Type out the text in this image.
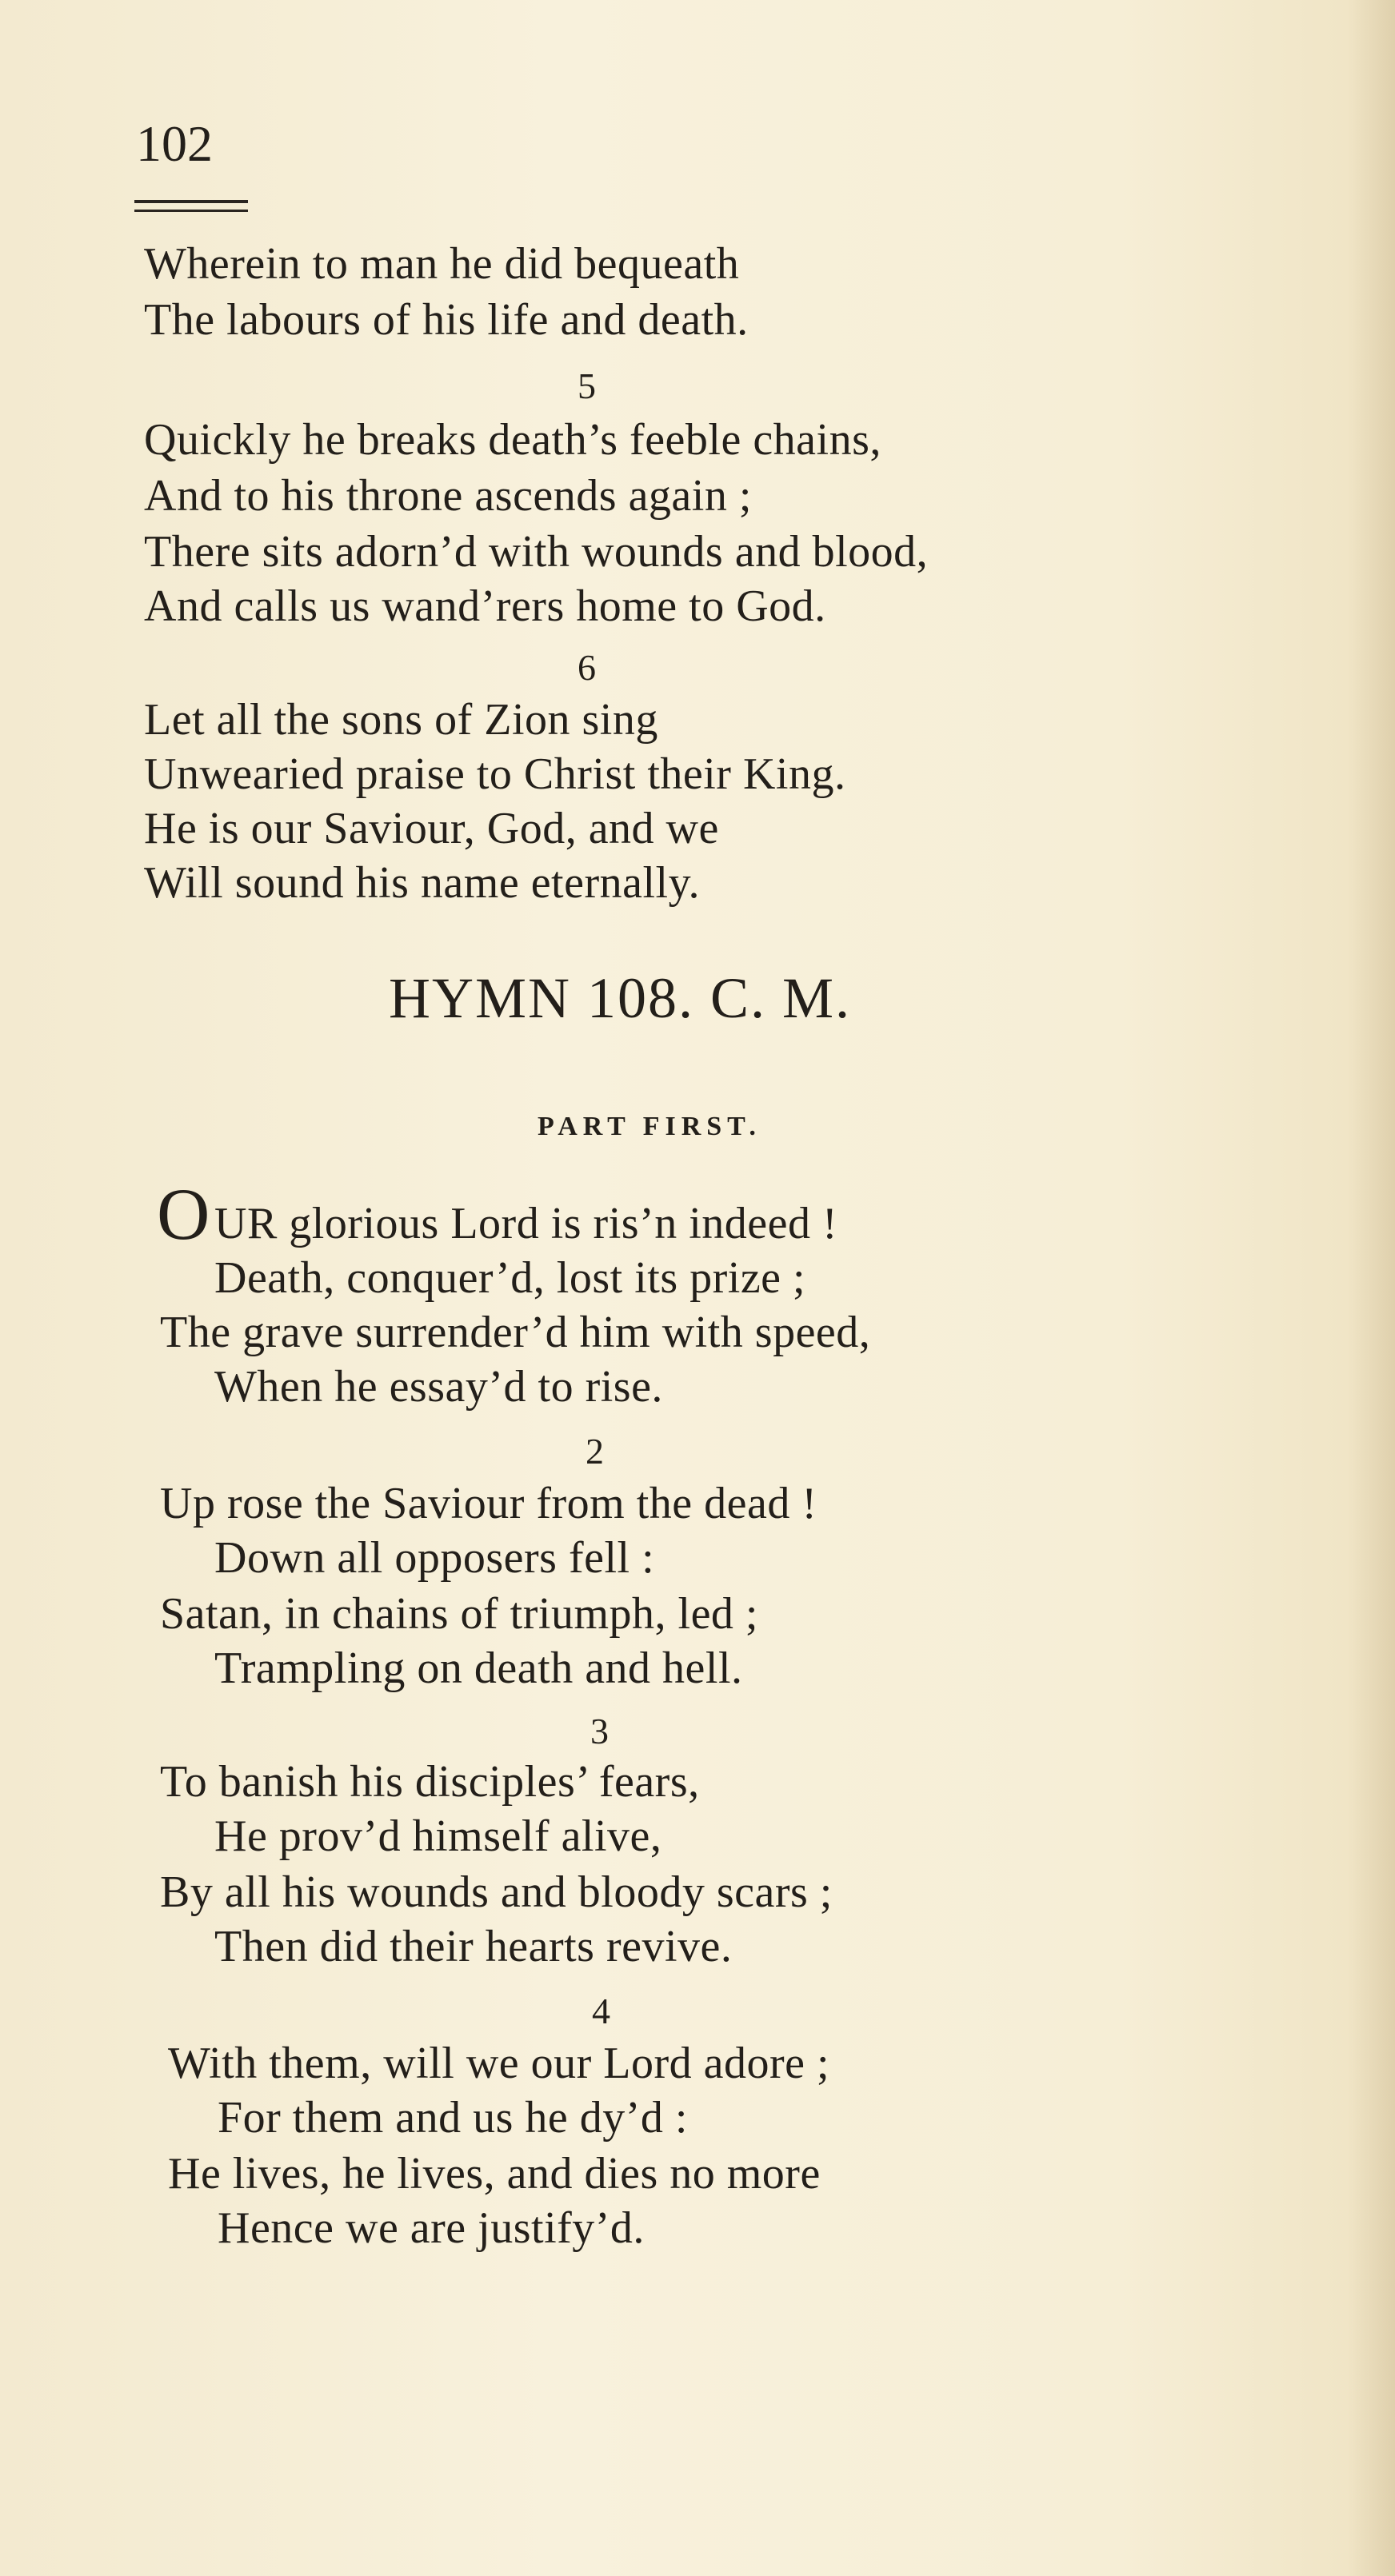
102
Wherein to man he did bequeath
The labours of his life and death.
5
Quickly he breaks death’s feeble chains,
And to his throne ascends again ;
There sits adorn’d with wounds and blood,
And calls us wand’rers home to God.
6
Let all the sons of Zion sing
Unwearied praise to Christ their King.
He is our Saviour, God, and we
Will sound his name eternally.
HYMN 108. C. M.
PART FIRST.
O UR glorious Lord is ris’n indeed !
Death, conquer’d, lost its prize ;
The grave surrender’d him with speed,
When he essay’d to rise.
2
Up rose the Saviour from the dead !
Down all opposers fell :
Satan, in chains of triumph, led ;
Trampling on death and hell.
3
To banish his disciples’ fears,
He prov’d himself alive,
By all his wounds and bloody scars ;
Then did their hearts revive.
4
With them, will we our Lord adore ;
For them and us he dy’d :
He lives, he lives, and dies no more
Hence we are justify’d.
